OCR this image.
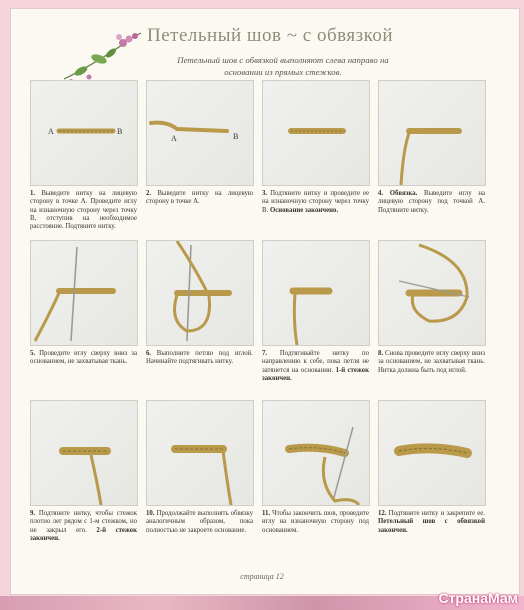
Петельный шов ~ с обвязкой
Петельный шов с обвязкой выполняют слева направо на основании из прямых стежков.
A	B
1. Выведите нитку на лицевую сторону в точке А. Проведите иглу на изнаночную сторону через точку В, отступив на необходимое расстояние. Подтяните нитку.
A	B
2. Выведите нитку на лицевую сторону в точке А.
3. Подтяните нитку и проведите ее на изнаночную сторону через точку В. Основание закончено.
4. Обвязка. Выведите иглу на лицевую сторону под точкой А. Подтяните нитку.
5. Проведите иглу сверху вниз за основанием, не захватывая ткань.
6. Выполните петлю под иглой. Начинайте подтягивать нитку.
7. Подтягивайте нитку по направлению к себе, пока петля не затянется на основании. 1-й стежок закончен.
8. Снова проведите иглу сверху вниз за основанием, не захватывая ткань. Нитка должна быть под иглой.
9. Подтяните нитку, чтобы стежок плотно лег рядом с 1-м стежком, но не закрыл его. 2-й стежок закончен.
10. Продолжайте выполнять обвязку аналогичным образом, пока полностью не закроете основание.
11. Чтобы закончить шов, проведите иглу на изнаночную сторону под основанием.
12. Подтяните нитку и закрепите ее. Петельный шов с обвязкой закончен.
страница 12
СтранаМам
